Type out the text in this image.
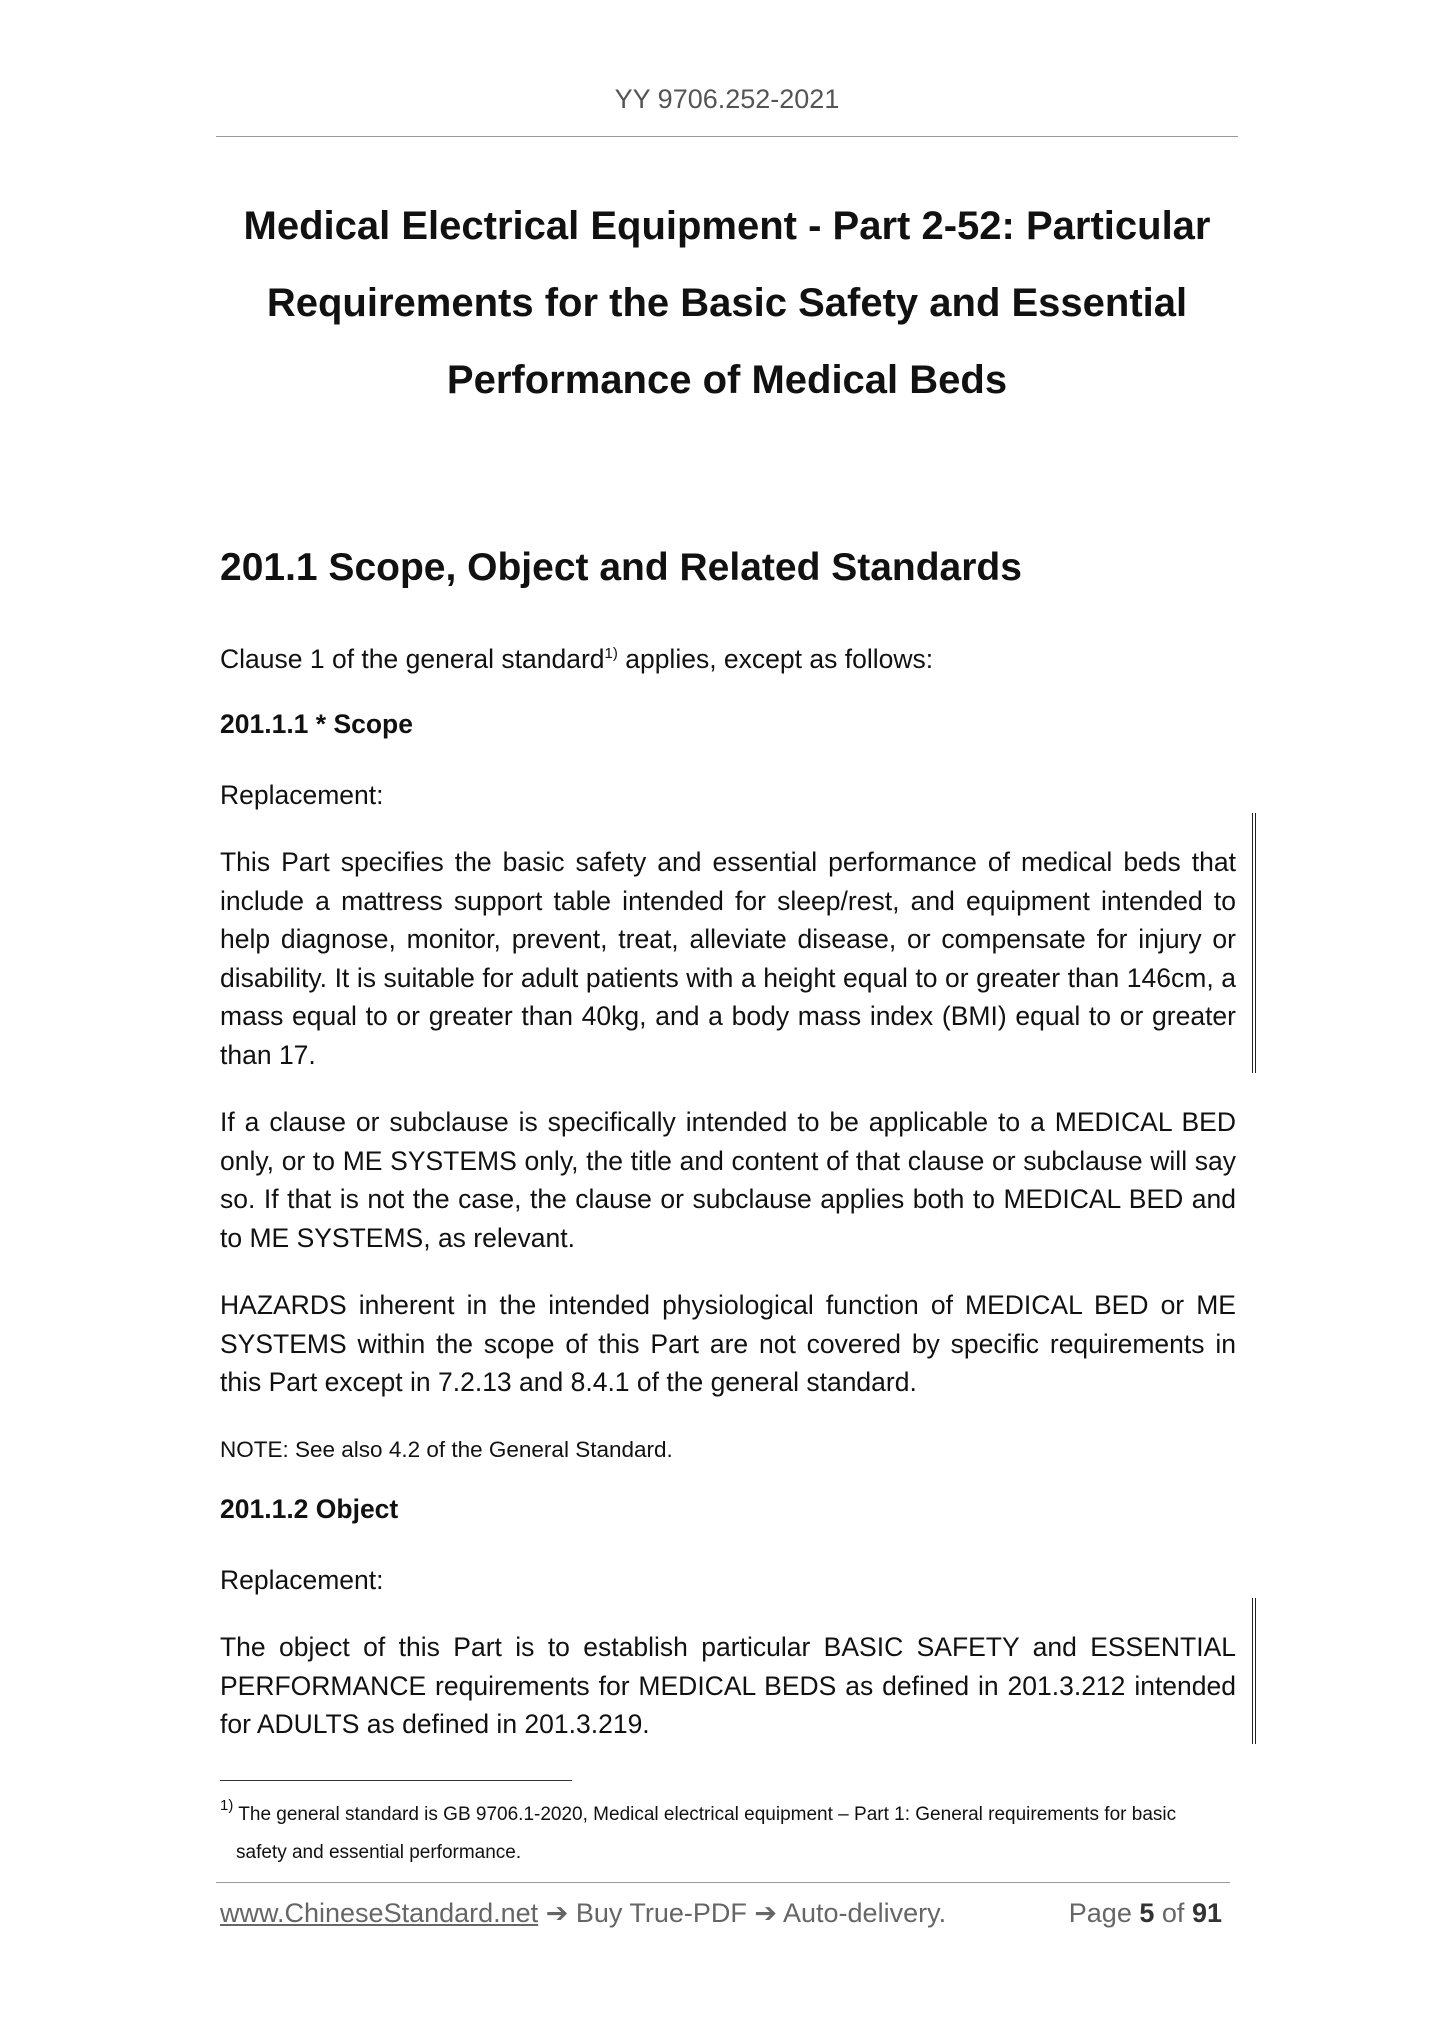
YY 9706.252-2021
Medical Electrical Equipment - Part 2-52: Particular
Requirements for the Basic Safety and Essential
Performance of Medical Beds
201.1 Scope, Object and Related Standards

Clause 1 of the general standard$^{1)}$ applies, except as follows:

201.1.1 * Scope

Replacement:

This Part specifies the basic safety and essential performance of medical beds that include a mattress support table intended for sleep/rest, and equipment intended to help diagnose, monitor, prevent, treat, alleviate disease, or compensate for injury or disability. It is suitable for adult patients with a height equal to or greater than 146cm, a mass equal to or greater than 40kg, and a body mass index (BMI) equal to or greater than 17.

If a clause or subclause is specifically intended to be applicable to a MEDICAL BED only, or to ME SYSTEMS only, the title and content of that clause or subclause will say so. If that is not the case, the clause or subclause applies both to MEDICAL BED and to ME SYSTEMS, as relevant.

HAZARDS inherent in the intended physiological function of MEDICAL BED or ME SYSTEMS within the scope of this Part are not covered by specific requirements in this Part except in 7.2.13 and 8.4.1 of the general standard.

NOTE: See also 4.2 of the General Standard.

201.1.2 Object

Replacement:

The object of this Part is to establish particular BASIC SAFETY and ESSENTIAL PERFORMANCE requirements for MEDICAL BEDS as defined in 201.3.212 intended for ADULTS as defined in 201.3.219.

$^{1)}$ The general standard is GB 9706.1-2020, Medical electrical equipment – Part 1: General requirements for basic
safety and essential performance.

www.ChineseStandard.net ➔ Buy True-PDF ➔ Auto-delivery.	Page 5 of 91
